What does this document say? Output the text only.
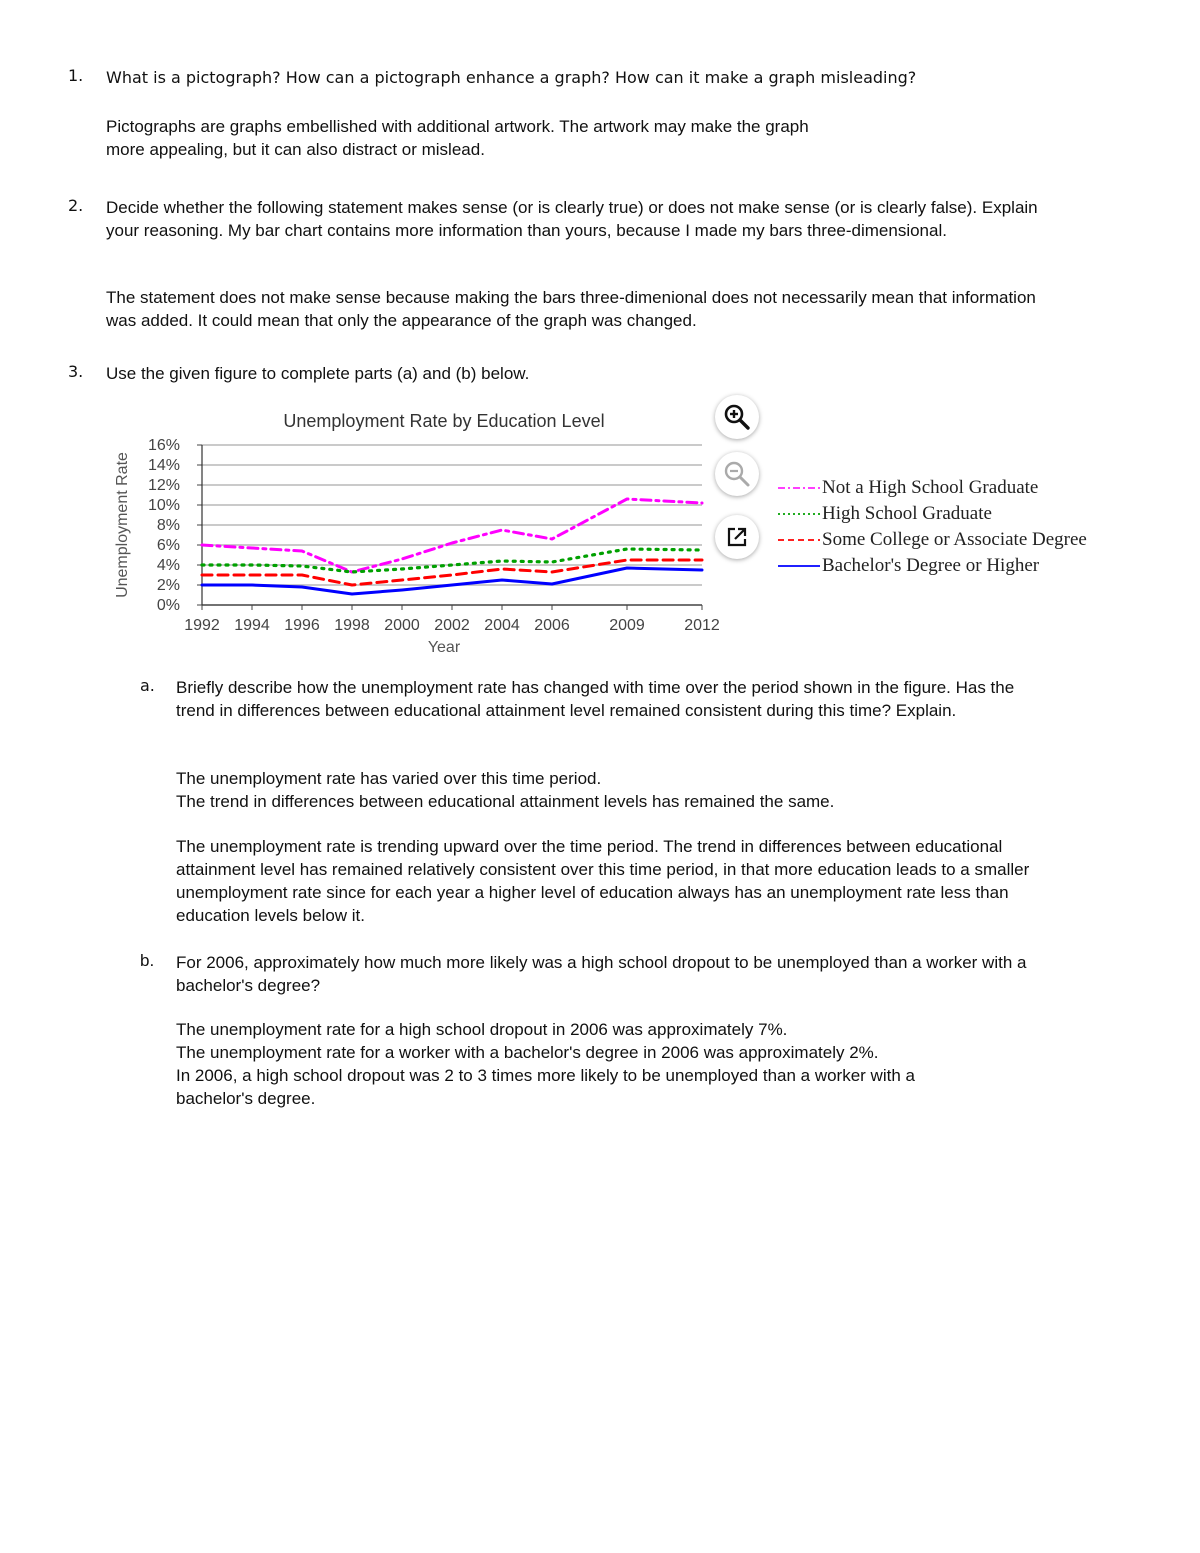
1. What is a pictograph? How can a pictograph enhance a graph? How can it make a graph misleading?
Pictographs are graphs embellished with additional artwork. The artwork may make the graph
more appealing, but it can also distract or mislead.
2. Decide whether the following statement makes sense (or is clearly true) or does not make sense (or is clearly false). Explain your reasoning. My bar chart contains more information than yours, because I made my bars three-dimensional.
The statement does not make sense because making the bars three-dimenional does not necessarily mean that information was added. It could mean that only the appearance of the graph was changed.
3. Use the given figure to complete parts (a) and (b) below.
Unemployment Rate by Education Level
Unemployment Rate
Year
0%
2%
4%
6%
8%
10%
12%
14%
16%
1992 1994 1996 1998 2000 2002 2004 2006 2009 2012
Not a High School Graduate
High School Graduate
Some College or Associate Degree
Bachelor's Degree or Higher
a.	Briefly describe how the unemployment rate has changed with time over the period shown in the figure. Has the trend in differences between educational attainment level remained consistent during this time? Explain.
The unemployment rate has varied over this time period.
The trend in differences between educational attainment levels has remained the same.
The unemployment rate is trending upward over the time period. The trend in differences between educational attainment level has remained relatively consistent over this time period, in that more education leads to a smaller unemployment rate since for each year a higher level of education always has an unemployment rate less than education levels below it.
b.	For 2006, approximately how much more likely was a high school dropout to be unemployed than a worker with a bachelor's degree?
The unemployment rate for a high school dropout in 2006 was approximately 7%.
The unemployment rate for a worker with a bachelor's degree in 2006 was approximately 2%.
In 2006, a high school dropout was 2 to 3 times more likely to be unemployed than a worker with a
bachelor's degree.
